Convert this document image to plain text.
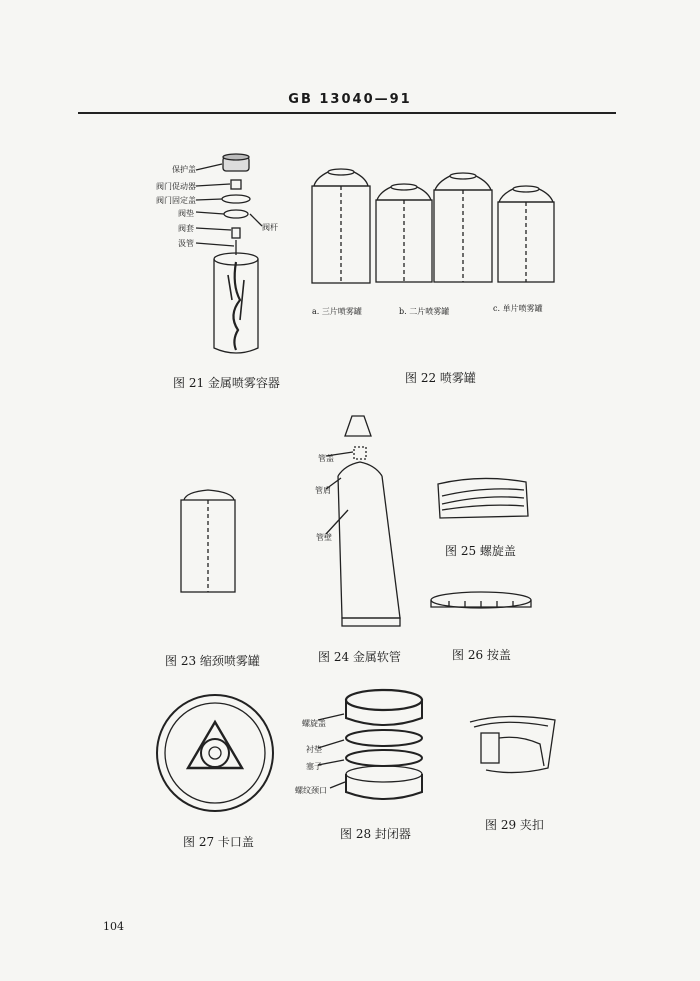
GB 13040—91
保护盖
阀门促动器
阀门固定盖
阀垫
阀套
汲管
阀杆
图 21 金属喷雾容器
a. 三片喷雾罐	b. 二片喷雾罐	c. 单片喷雾罐
图 22 喷雾罐
图 23 缩颈喷雾罐
管盖
管肩
管壁
图 24 金属软管
图 25 螺旋盖
图 26 按盖
图 27 卡口盖
螺旋盖
衬垫
塞子
螺纹颈口
图 28 封闭器
图 29 夹扣
104
